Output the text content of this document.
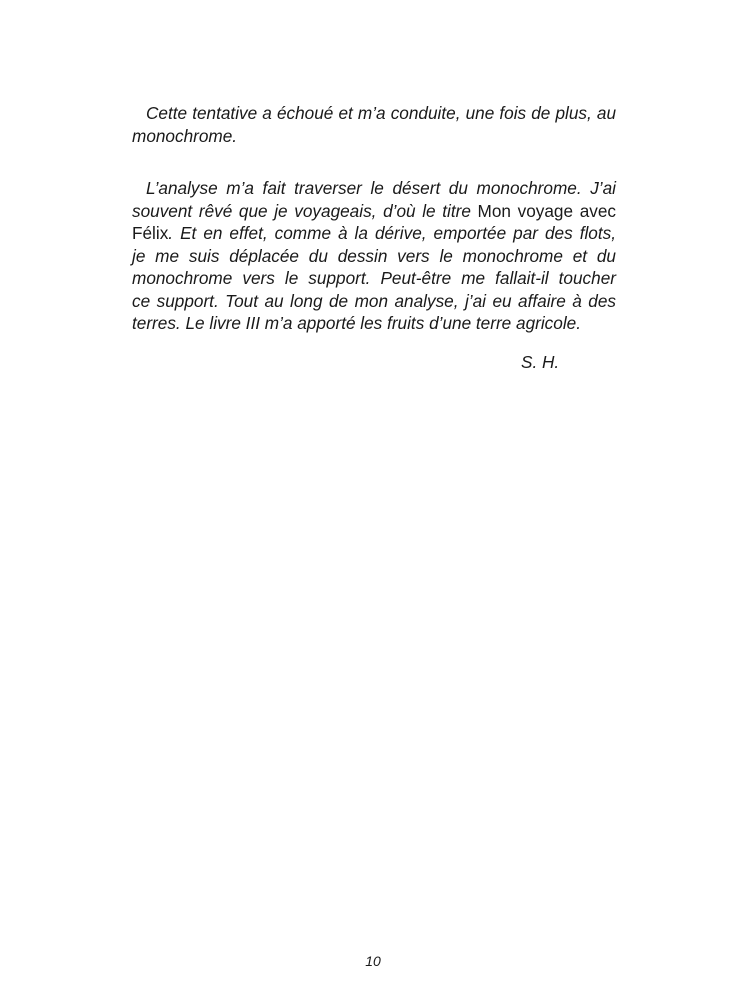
Cette tentative a échoué et m’a conduite, une fois de plus, au
monochrome.

L’analyse m’a fait traverser le désert du monochrome. J’ai
souvent rêvé que je voyageais, d’où le titre Mon voyage avec
Félix. Et en effet, comme à la dérive, emportée par des flots,
je me suis déplacée du dessin vers le monochrome et du
monochrome vers le support. Peut-être me fallait-il toucher
ce support. Tout au long de mon analyse, j’ai eu affaire à des
terres. Le livre III m’a apporté les fruits d’une terre agricole.

S. H.

10
